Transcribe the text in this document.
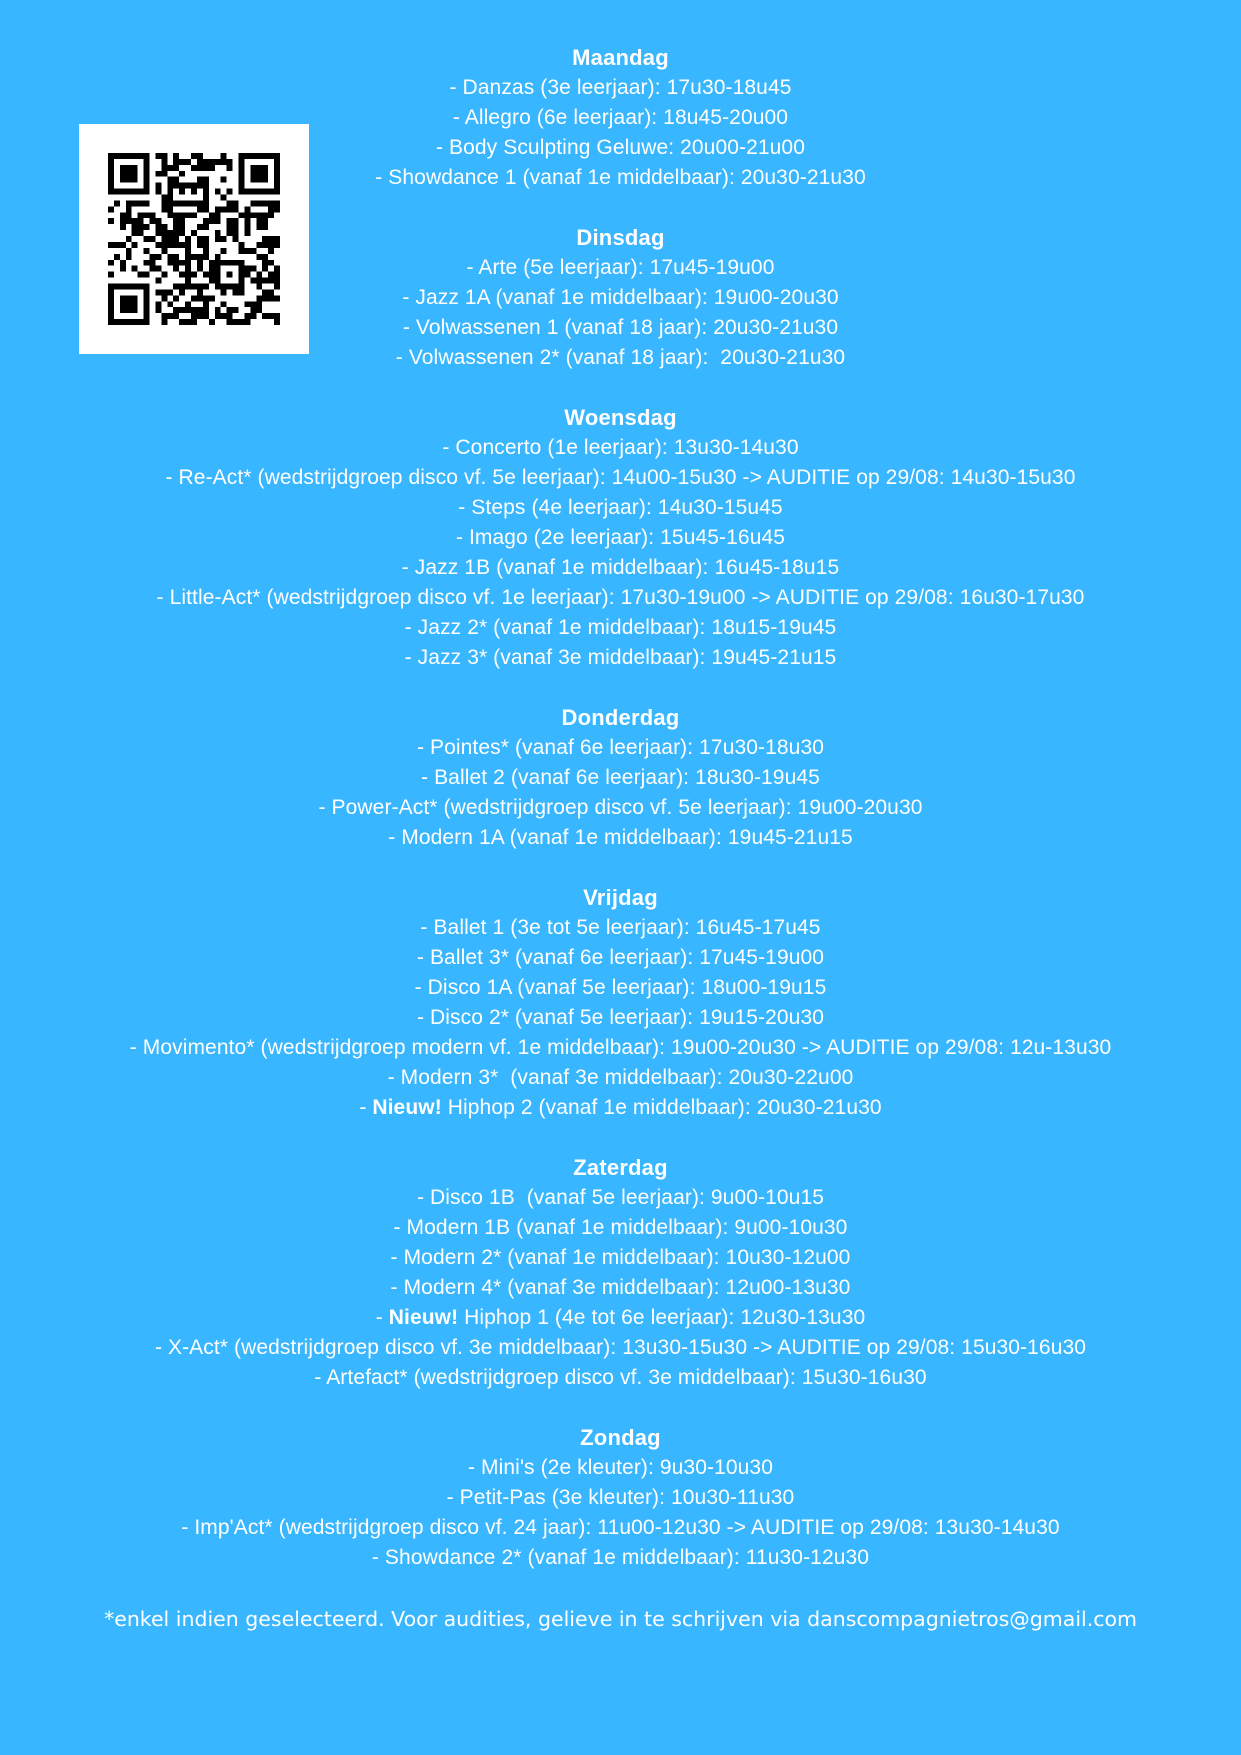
Maandag
- Danzas (3e leerjaar): 17u30-18u45
- Allegro (6e leerjaar): 18u45-20u00
- Body Sculpting Geluwe: 20u00-21u00
- Showdance 1 (vanaf 1e middelbaar): 20u30-21u30
Dinsdag
- Arte (5e leerjaar): 17u45-19u00
- Jazz 1A (vanaf 1e middelbaar): 19u00-20u30
- Volwassenen 1 (vanaf 18 jaar): 20u30-21u30
- Volwassenen 2* (vanaf 18 jaar):  20u30-21u30
Woensdag
- Concerto (1e leerjaar): 13u30-14u30
- Re-Act* (wedstrijdgroep disco vf. 5e leerjaar): 14u00-15u30 -> AUDITIE op 29/08: 14u30-15u30
- Steps (4e leerjaar): 14u30-15u45
- Imago (2e leerjaar): 15u45-16u45
- Jazz 1B (vanaf 1e middelbaar): 16u45-18u15
- Little-Act* (wedstrijdgroep disco vf. 1e leerjaar): 17u30-19u00 -> AUDITIE op 29/08: 16u30-17u30
- Jazz 2* (vanaf 1e middelbaar): 18u15-19u45
- Jazz 3* (vanaf 3e middelbaar): 19u45-21u15
Donderdag
- Pointes* (vanaf 6e leerjaar): 17u30-18u30
- Ballet 2 (vanaf 6e leerjaar): 18u30-19u45
- Power-Act* (wedstrijdgroep disco vf. 5e leerjaar): 19u00-20u30
- Modern 1A (vanaf 1e middelbaar): 19u45-21u15
Vrijdag
- Ballet 1 (3e tot 5e leerjaar): 16u45-17u45
- Ballet 3* (vanaf 6e leerjaar): 17u45-19u00
- Disco 1A (vanaf 5e leerjaar): 18u00-19u15
- Disco 2* (vanaf 5e leerjaar): 19u15-20u30
- Movimento* (wedstrijdgroep modern vf. 1e middelbaar): 19u00-20u30 -> AUDITIE op 29/08: 12u-13u30
- Modern 3*  (vanaf 3e middelbaar): 20u30-22u00
- Nieuw! Hiphop 2 (vanaf 1e middelbaar): 20u30-21u30
Zaterdag
- Disco 1B  (vanaf 5e leerjaar): 9u00-10u15
- Modern 1B (vanaf 1e middelbaar): 9u00-10u30
- Modern 2* (vanaf 1e middelbaar): 10u30-12u00
- Modern 4* (vanaf 3e middelbaar): 12u00-13u30
- Nieuw! Hiphop 1 (4e tot 6e leerjaar): 12u30-13u30
- X-Act* (wedstrijdgroep disco vf. 3e middelbaar): 13u30-15u30 -> AUDITIE op 29/08: 15u30-16u30
- Artefact* (wedstrijdgroep disco vf. 3e middelbaar): 15u30-16u30
Zondag
- Mini's (2e kleuter): 9u30-10u30
- Petit-Pas (3e kleuter): 10u30-11u30
- Imp'Act* (wedstrijdgroep disco vf. 24 jaar): 11u00-12u30 -> AUDITIE op 29/08: 13u30-14u30
- Showdance 2* (vanaf 1e middelbaar): 11u30-12u30
*enkel indien geselecteerd. Voor audities, gelieve in te schrijven via danscompagnietros@gmail.com
